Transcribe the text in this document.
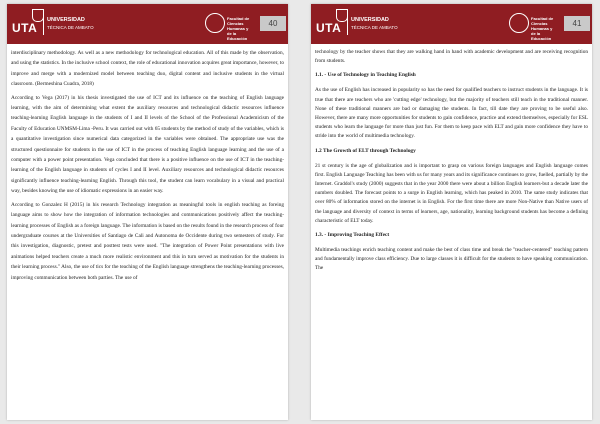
UTA
UNIVERSIDAD
TÉCNICA DE AMBATO
Facultad de Ciencias Humanas y de la Educación
40

interdisciplinary methodology. As well as a new methodology for technological education. All of this made by the observation, and using the statistics. In the inclusive school context, the role of educational innovation acquires great importance, however, to improve and merge with a modernized model between teaching duo, digital content and inclusive students in the virtual classroom. (Bermeshina Cuadra, 2018)

According to Vega (2017) in his thesis investigated the use of ICT and its influence on the teaching of English language learning, with the aim of determining what extent the auxiliary resources and technological didactic resources influence teaching-learning English language in the students of I and II levels of the School of the Professional Academicism of the Faculty of Education UNMSM-Lima -Peru. It was carried out with 65 students by the method of study of the variables, which is a quantitative investigation since numerical data categorized in the variables were obtained. The appropriate use was the structured questionnaire for students in the use of ICT in the process of teaching English language learning and the use of a computer with a power point presentation. Vega concluded that there is a positive influence on the use of ICT in the teaching-learning of the English language in students of cycles I and II level. Auxiliary resources and technological didactic resources significantly influence teaching-learning English. Through this tool, the student can learn vocabulary in a visual and practical way, besides knowing the use of idiomatic expressions in an easier way.

According to Gonzalez H (2015) in his research Technology integration as meaningful tools in english teaching as foreing language aims to show how the integration of information technologies and communications positively affect the teaching-learning processes of English as a foreign language. The information is based on the results found in the research process of four undergraduate courses at the Universities of Santiago de Cali and Autonoma de Occidente during two semesters of study. For this investigation, diagnostic, pretest and posttest tests were used. "The integration of Power Point presentations with live animations helped teachers create a much more realistic environment and this in turn served as motivation for the students in their learning process." Also, the use of tics for the teaching of the English language strengthens the teaching-learning processes, improving communication between both parties. The use of

UTA
UNIVERSIDAD
TÉCNICA DE AMBATO
Facultad de Ciencias Humanas y de la Educación
41

technology by the teacher shows that they are walking hand in hand with academic development and are receiving recognition from students.

1.1. - Use of Technology in Teaching English

As the use of English has increased in popularity so has the need for qualified teachers to instruct students in the language. It is true that there are teachers who are 'cutting edge' technology, but the majority of teachers still teach in the traditional manner. None of these traditional manners are bad or damaging the students. In fact, till date they are proving to be useful also. However, there are many more opportunities for students to gain confidence, practice and extend themselves, especially for ESL students who learn the language for more than just fun. For them to keep pace with ELT and gain more confidence they have to stride into the world of multimedia technology.

1.2 The Growth of ELT through Technology

21 st century is the age of globalization and is important to grasp on various foreign languages and English language comes first. English Language Teaching has been with us for many years and its significance continues to grow, fuelled, partially by the Internet. Graddol's study (2000) suggests that in the year 2000 there were about a billion English learners-but a decade later the numbers doubled. The forecast points to a surge in English learning, which has peaked in 2010. The same study indicates that over 80% of information stored on the internet is in English. For the first time there are more Non-Native than Native users of the language and diversity of context in terms of learners, age, nationality, learning background students has become a defining characteristic of ELT today.

1.3. - Improving Teaching Effect

Multimedia teachings enrich teaching content and make the best of class time and break the "teacher-centered" teaching pattern and fundamentally improve class efficiency. Due to large classes it is difficult for the students to have speaking communication. The
